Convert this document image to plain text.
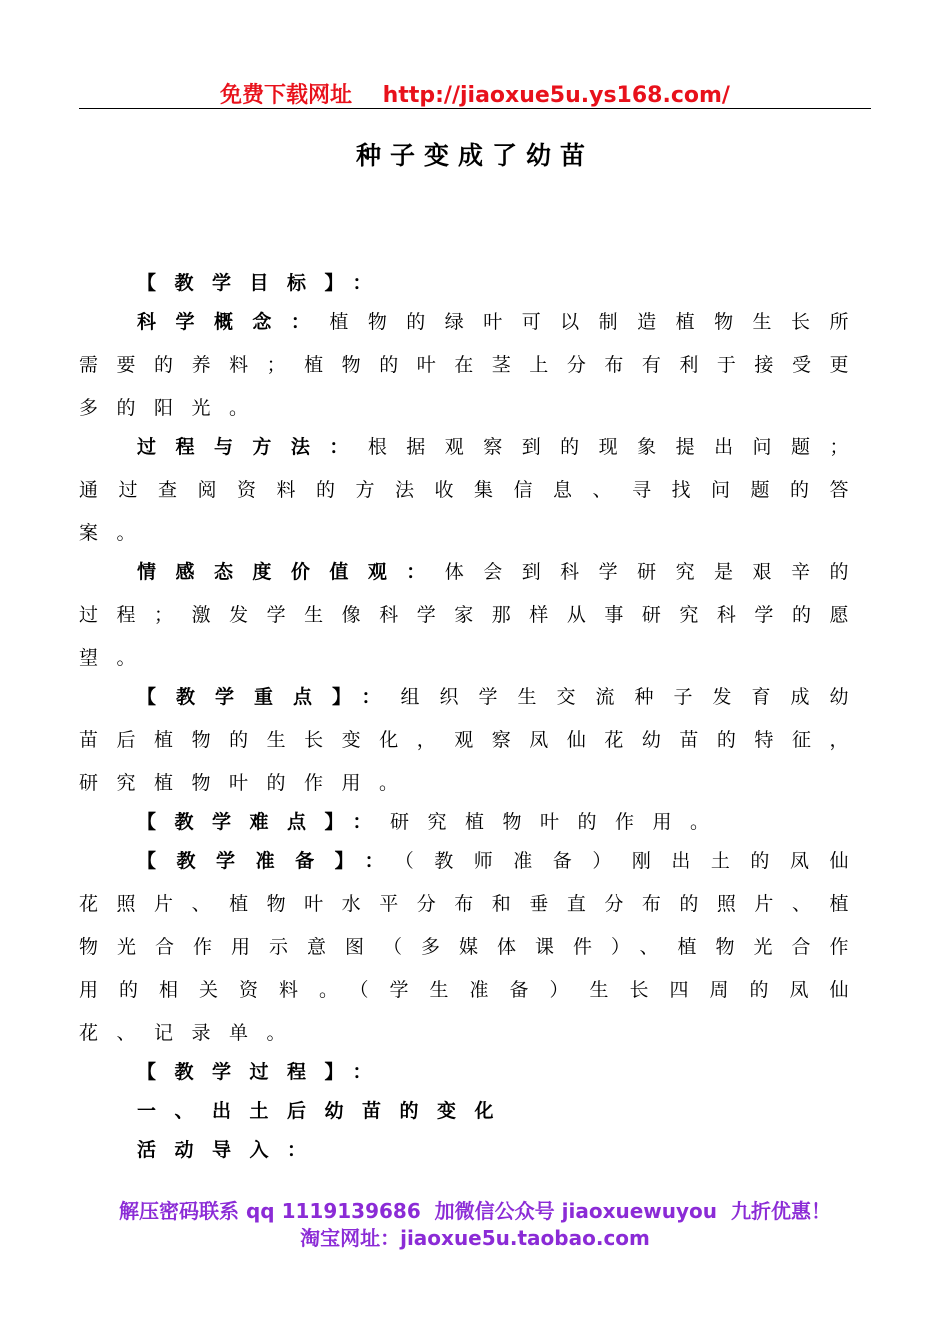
免费下载网址 http://jiaoxue5u.ys168.com/
种子变成了幼苗

【教学目标】：

科学概念：植物的绿叶可以制造植物生长所需要的养料；植物的叶在茎上分布有利于接受更多的阳光。

过程与方法：根据观察到的现象提出问题；通过查阅资料的方法收集信息、寻找问题的答案。

情感态度价值观：体会到科学研究是艰辛的过程；激发学生像科学家那样从事研究科学的愿望。

【教学重点】：组织学生交流种子发育成幼苗后植物的生长变化，观察凤仙花幼苗的特征，研究植物叶的作用。

【教学难点】：研究植物叶的作用。

【教学准备】：（教师准备）刚出土的凤仙花照片、植物叶水平分布和垂直分布的照片、植物光合作用示意图（多媒体课件）、植物光合作用的相关资料。（学生准备）生长四周的凤仙花、记录单。

【教学过程】：

一、出土后幼苗的变化

活动导入：

解压密码联系 qq 1119139686  加微信公众号 jiaoxuewuyou  九折优惠！
淘宝网址：jiaoxue5u.taobao.com
